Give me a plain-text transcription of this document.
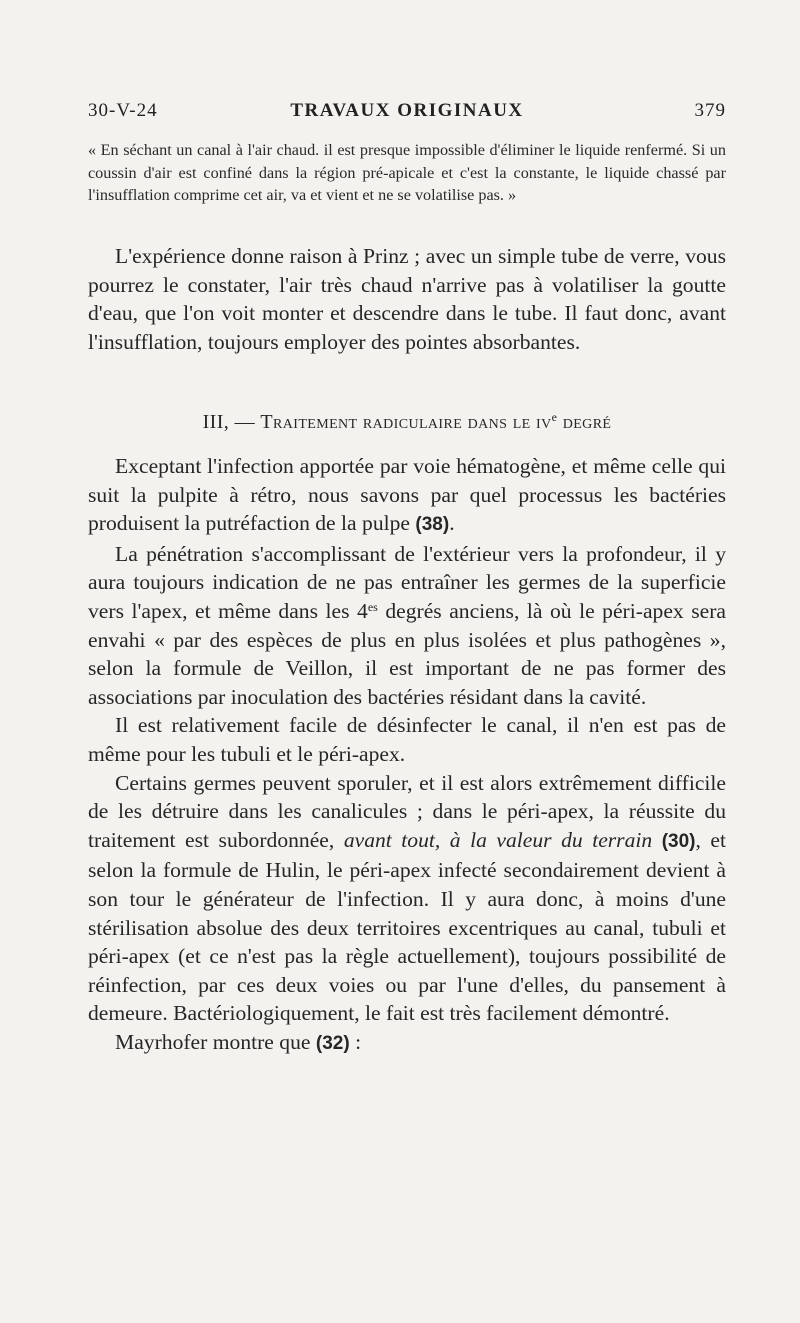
30-V-24	TRAVAUX ORIGINAUX	379
« En séchant un canal à l'air chaud. il est presque impossible d'éliminer le liquide renfermé. Si un coussin d'air est confiné dans la région pré-apicale et c'est la constante, le liquide chassé par l'insufflation comprime cet air, va et vient et ne se volatilise pas. »

L'expérience donne raison à Prinz ; avec un simple tube de verre, vous pourrez le constater, l'air très chaud n'arrive pas à volatiliser la goutte d'eau, que l'on voit monter et descendre dans le tube. Il faut donc, avant l'insufflation, toujours employer des pointes absorbantes.

III, — Traitement radiculaire dans le $iv^e$ degré

Exceptant l'infection apportée par voie hématogène, et même celle qui suit la pulpite à rétro, nous savons par quel processus les bactéries produisent la putréfaction de la pulpe (38).

La pénétration s'accomplissant de l'extérieur vers la profondeur, il y aura toujours indication de ne pas entraîner les germes de la superficie vers l'apex, et même dans les $4^{es}$ degrés anciens, là où le péri-apex sera envahi « par des espèces de plus en plus isolées et plus pathogènes », selon la formule de Veillon, il est important de ne pas former des associations par inoculation des bactéries résidant dans la cavité.

Il est relativement facile de désinfecter le canal, il n'en est pas de même pour les tubuli et le péri-apex.

Certains germes peuvent sporuler, et il est alors extrêmement difficile de les détruire dans les canalicules ; dans le péri-apex, la réussite du traitement est subordonnée, avant tout, à la valeur du terrain (30), et selon la formule de Hulin, le péri-apex infecté secondairement devient à son tour le générateur de l'infection. Il y aura donc, à moins d'une stérilisation absolue des deux territoires excentriques au canal, tubuli et péri-apex (et ce n'est pas la règle actuellement), toujours possibilité de réinfection, par ces deux voies ou par l'une d'elles, du pansement à demeure. Bactériologiquement, le fait est très facilement démontré.

Mayrhofer montre que (32) :
